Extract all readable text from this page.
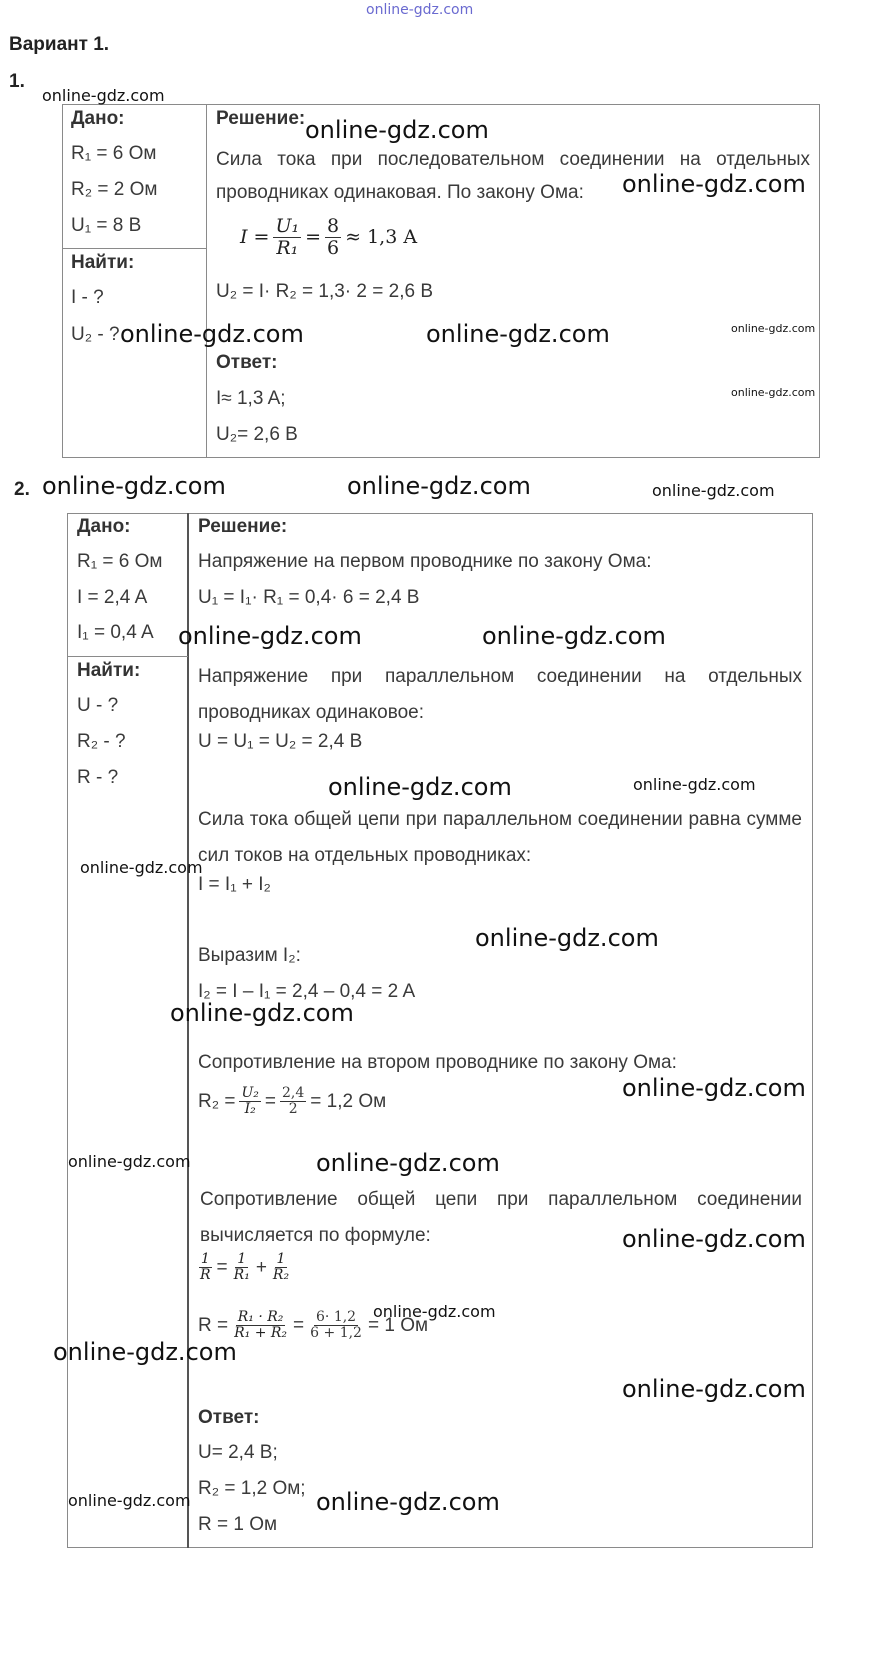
online-gdz.com
Вариант 1.
1.
Дано:
R₁ = 6 Ом
R₂ = 2 Ом
U₁ = 8 В
Найти:
I - ?
U₂ - ?
Решение:
Сила тока при последовательном соединении на отдельных проводниках одинаковая. По закону Ома:
$I = \frac{\text{U₁}}{\text{R₁}} = \frac{8}{6} \approx 1,3$ A
U₂ = I· R₂ = 1,3· 2 = 2,6 В
Ответ:
I≈ 1,3 A;
U₂= 2,6 В
online-gdz.com
online-gdz.com
online-gdz.com
online-gdz.com	online-gdz.com	online-gdz.com
online-gdz.com
2.
Дано:
R₁ = 6 Ом
I = 2,4 A
I₁ = 0,4 A
Найти:
U - ?
R₂ - ?
R - ?
Решение:
Напряжение на первом проводнике по закону Ома:
U₁ = I₁· R₁ = 0,4· 6 = 2,4 В
Напряжение при параллельном соединении на отдельных проводниках одинаковое:
U = U₁ = U₂ = 2,4 В
Сила тока общей цепи при параллельном соединении равна сумме сил токов на отдельных проводниках:
I = I₁ + I₂
Выразим I₂:
I₂ = I – I₁ = 2,4 – 0,4 = 2 A
Сопротивление на втором проводнике по закону Ома:
$R_2 = \frac{\text{U₂}}{\text{I₂}} = \frac{2,4}{2} = 1,2$ Ом
Сопротивление общей цепи при параллельном соединении вычисляется по формуле:
$\frac{1}{R} = \frac{1}{\text{R₁}} + \frac{1}{\text{R₂}}$
$R = \frac{\text{R₁ · R₂}}{\text{R₁ + R₂}} = \frac{6\cdot 1,2}{6 + 1,2} = 1$ Ом
Ответ:
U= 2,4 В;
R₂ = 1,2 Ом;
R = 1 Ом
online-gdz.com	online-gdz.com	online-gdz.com
online-gdz.com	online-gdz.com
online-gdz.com	online-gdz.com
online-gdz.com
online-gdz.com
online-gdz.com
online-gdz.com
online-gdz.com	online-gdz.com
online-gdz.com
online-gdz.com
online-gdz.com
online-gdz.com
online-gdz.com	online-gdz.com
